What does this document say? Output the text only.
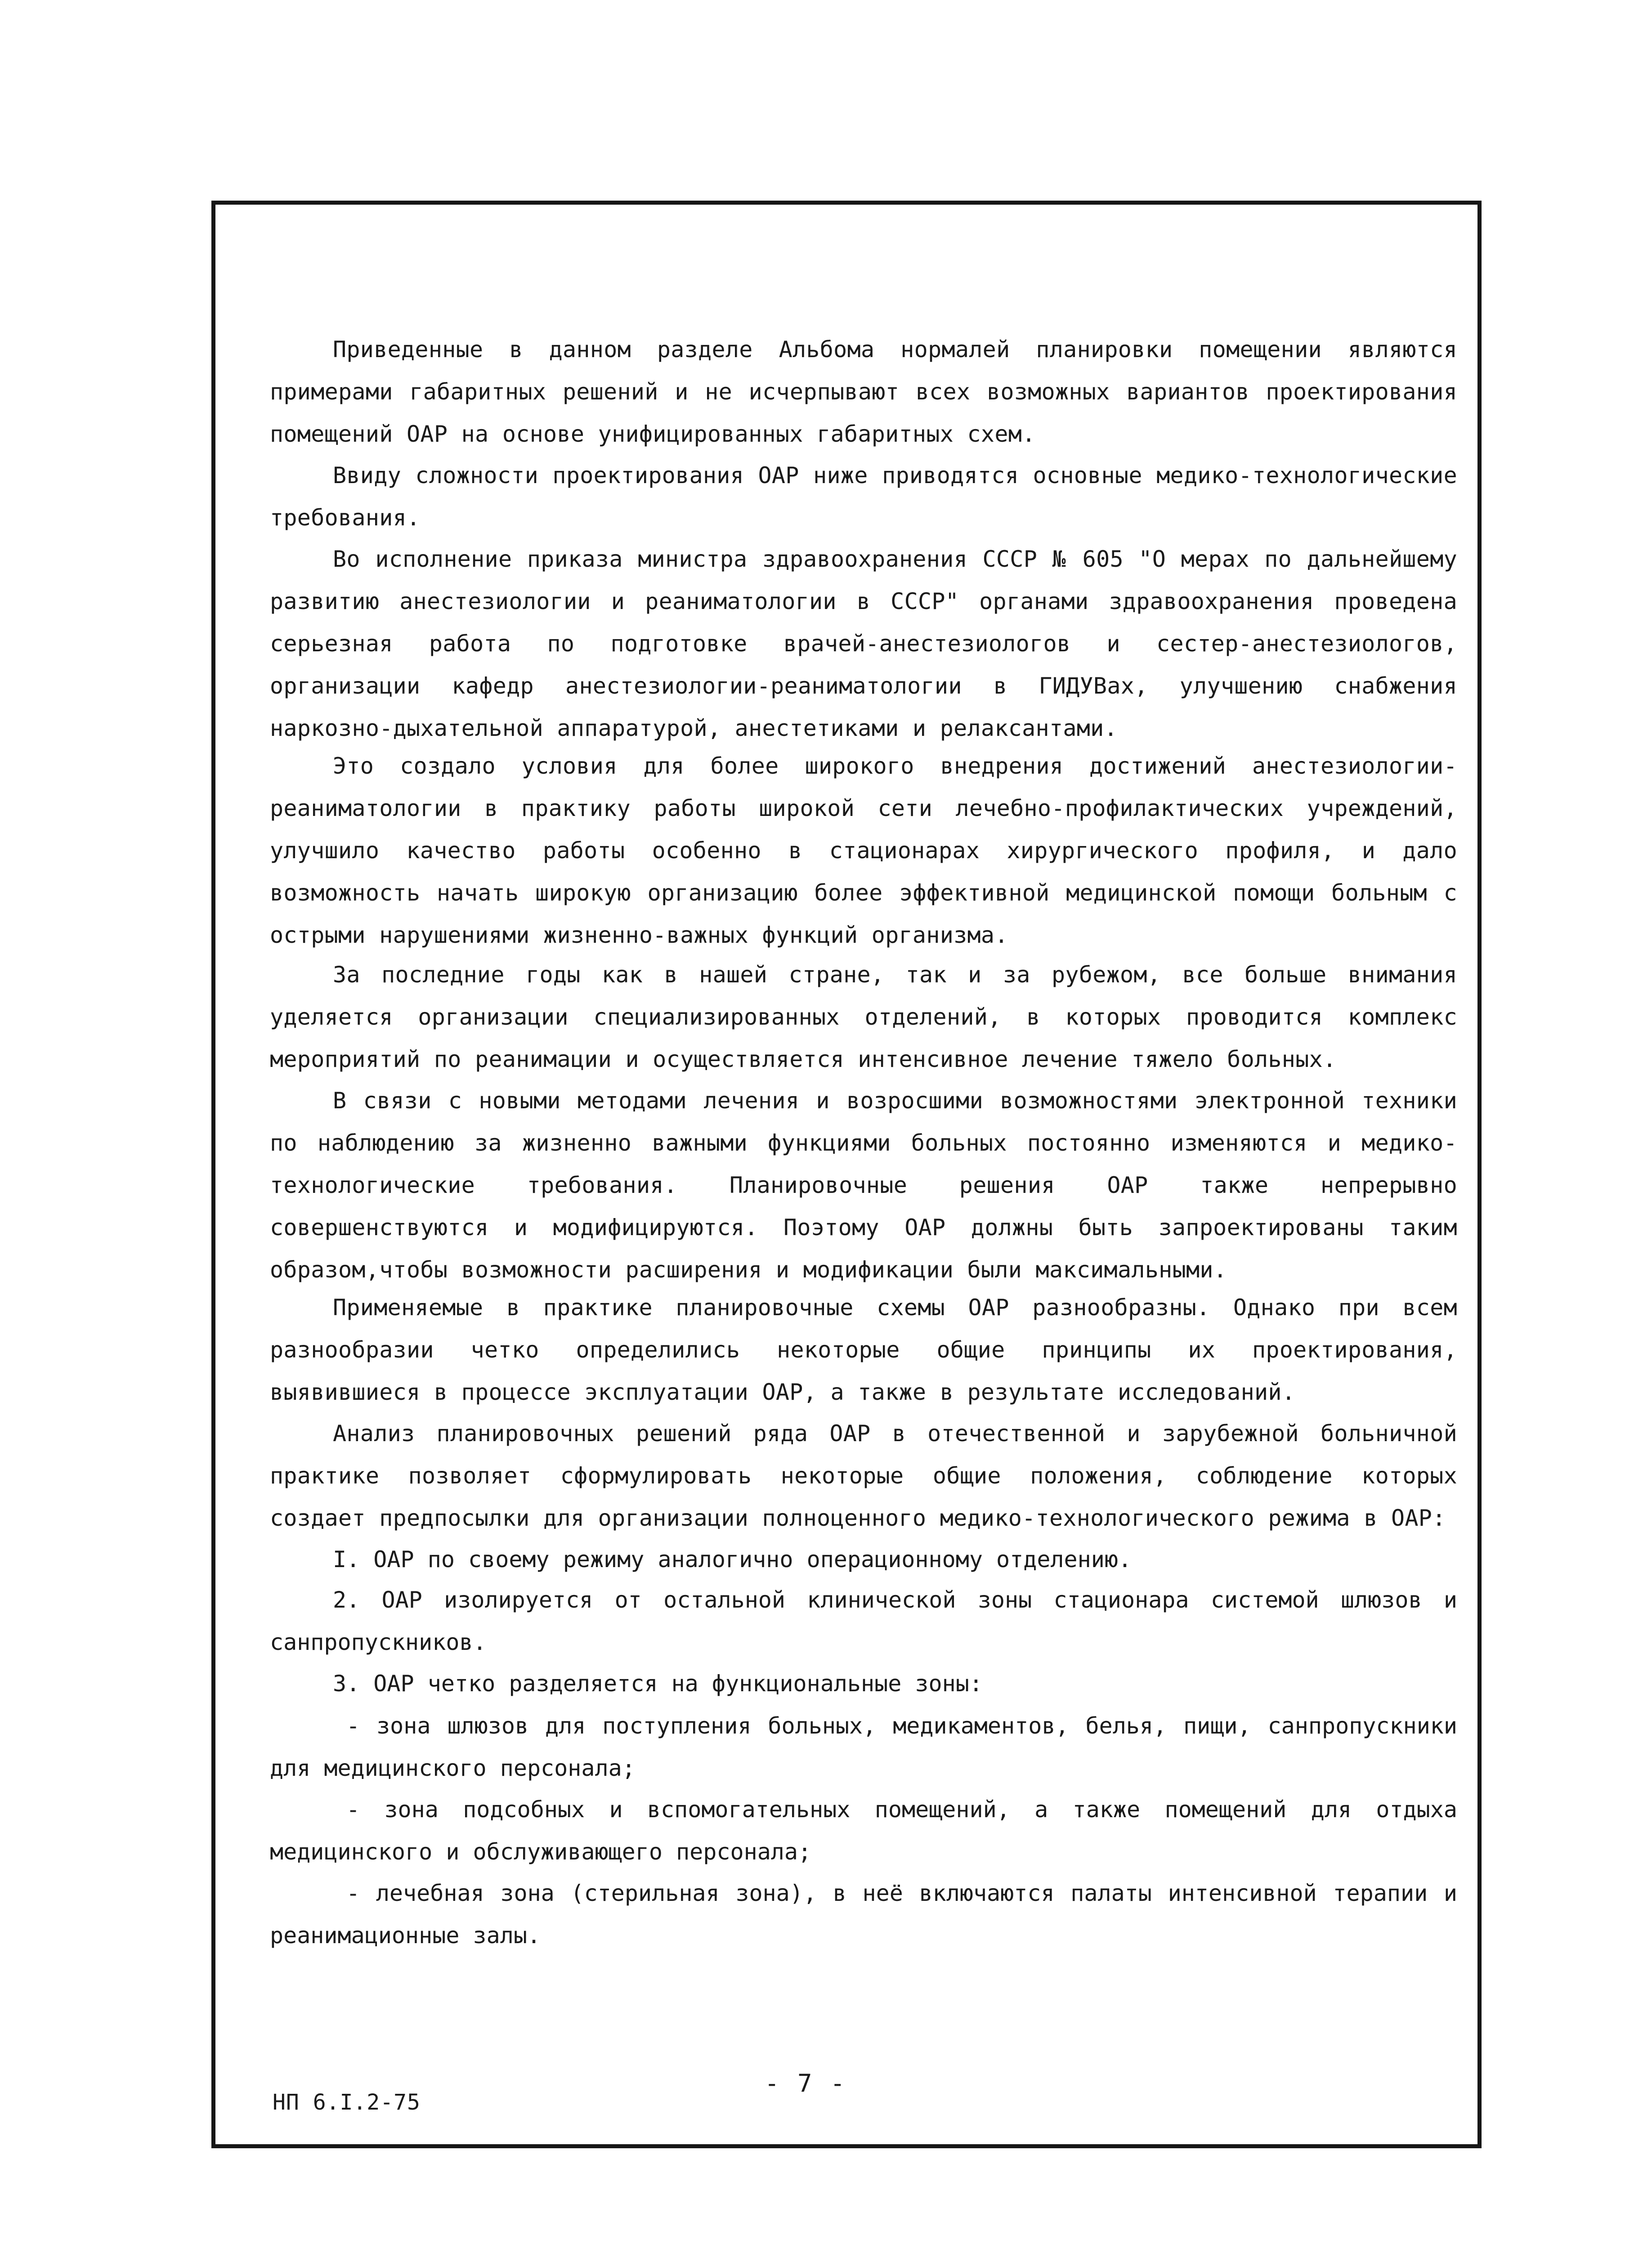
Приведенные в данном разделе Альбома нормалей планировки помещении являются примерами габаритных решений и не исчерпывают всех возможных вариантов проектирования помещений ОАР на основе унифицированных габаритных схем.

Ввиду сложности проектирования ОАР ниже приводятся основные медико-технологические требования.

Во исполнение приказа министра здравоохранения СССР № 605 "О мерах по дальнейшему развитию анестезиологии и реаниматологии в СССР" органами здравоохранения проведена серьезная работа по подготовке врачей-анестезиологов и сестер-анестезиологов, организации кафедр анестезиологии-реаниматологии в ГИДУВах, улучшению снабжения наркозно-дыхательной аппаратурой, анестетиками и релаксантами.

Это создало условия для более широкого внедрения достижений анестезиологии-реаниматологии в практику работы широкой сети лечебно-профилактических учреждений, улучшило качество работы особенно в стационарах хирургического профиля, и дало возможность начать широкую организацию более эффективной медицинской помощи больным с острыми нарушениями жизненно-важных функций организма.

За последние годы как в нашей стране, так и за рубежом, все больше внимания уделяется организации специализированных отделений, в которых проводится комплекс мероприятий по реанимации и осуществляется интенсивное лечение тяжело больных.

В связи с новыми методами лечения и возросшими возможностями электронной техники по наблюдению за жизненно важными функциями больных постоянно изменяются и медико-технологические требования. Планировочные решения ОАР также непрерывно совершенствуются и модифицируются. Поэтому ОАР должны быть запроектированы таким образом,чтобы возможности расширения и модификации были максимальными.

Применяемые в практике планировочные схемы ОАР разнообразны. Однако при всем разнообразии четко определились некоторые общие принципы их проектирования, выявившиеся в процессе эксплуатации ОАР, а также в результате исследований.

Анализ планировочных решений ряда ОАР в отечественной и зарубежной больничной практике позволяет сформулировать некоторые общие положения, соблюдение которых создает предпосылки для организации полноценного медико-технологического режима в ОАР:

I. ОАР по своему режиму аналогично операционному отделению.

2. ОАР изолируется от остальной клинической зоны стационара системой шлюзов и санпропускников.

3. ОАР четко разделяется на функциональные зоны:

- зона шлюзов для поступления больных, медикаментов, белья, пищи, санпропускники для медицинского персонала;

- зона подсобных и вспомогательных помещений, а также помещений для отдыха медицинского и обслуживающего персонала;

- лечебная зона (стерильная зона), в неё включаются палаты интенсивной терапии и реанимационные залы.

- 7 -
НП 6.I.2-75
